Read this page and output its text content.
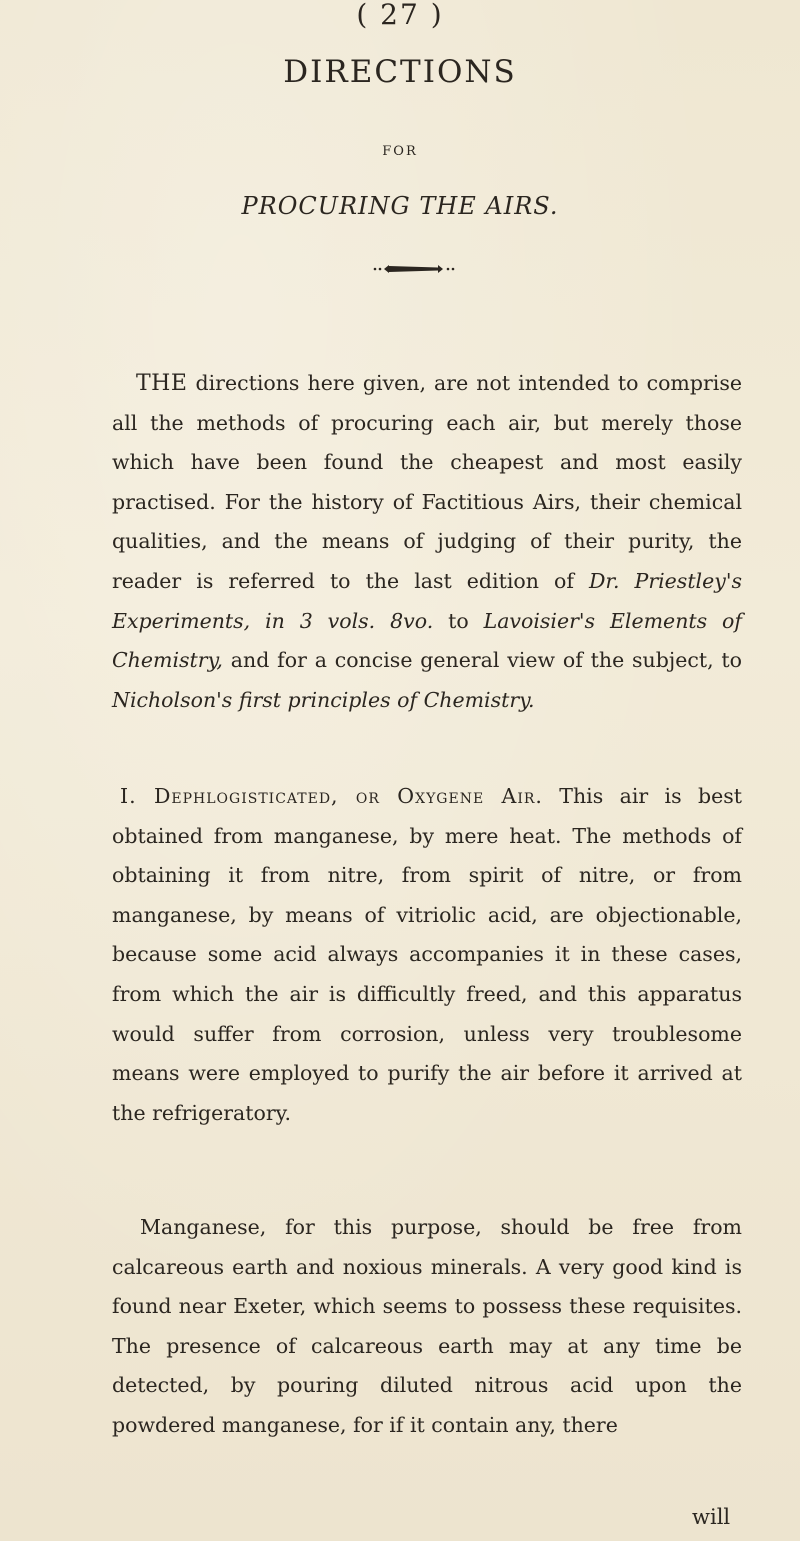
( 27 )
DIRECTIONS
FOR
PROCURING THE AIRS.

THE directions here given, are not intended to comprise all the methods of procuring each air, but merely those which have been found the cheapest and most easily practised. For the history of Factitious Airs, their chemical qualities, and the means of judging of their purity, the reader is referred to the last edition of Dr. Priestley's Experiments, in 3 vols. 8vo. to Lavoisier's Elements of Chemistry, and for a concise general view of the subject, to Nicholson's first principles of Chemistry.

I. Dephlogisticated, or Oxygene Air. This air is best obtained from manganese, by mere heat. The methods of obtaining it from nitre, from spirit of nitre, or from manganese, by means of vitriolic acid, are objectionable, because some acid always accompanies it in these cases, from which the air is difficultly freed, and this apparatus would suffer from corrosion, unless very troublesome means were employed to purify the air before it arrived at the refrigeratory.

Manganese, for this purpose, should be free from calcareous earth and noxious minerals. A very good kind is found near Exeter, which seems to possess these requisites. The presence of calcareous earth may at any time be detected, by pouring diluted nitrous acid upon the powdered manganese, for if it contain any, there

will
